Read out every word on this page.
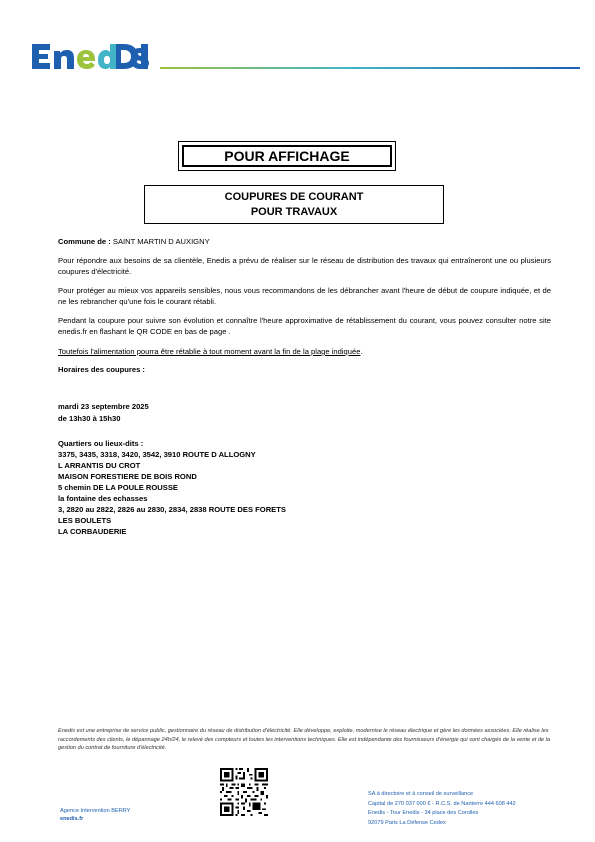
POUR AFFICHAGE
COUPURES DE COURANT
POUR TRAVAUX
Commune de : SAINT MARTIN D AUXIGNY
Pour répondre aux besoins de sa clientèle, Enedis a prévu de réaliser sur le réseau de distribution des travaux qui entraîneront une ou plusieurs coupures d'électricité.
Pour protéger au mieux vos appareils sensibles, nous vous recommandons de les débrancher avant l'heure de début de coupure indiquée, et de ne les rebrancher qu'une fois le courant rétabli.
Pendant la coupure pour suivre son évolution et connaître l'heure approximative de rétablissement du courant, vous pouvez consulter notre site enedis.fr en flashant le QR CODE en bas de page .
Toutefois l'alimentation pourra être rétablie à tout moment avant la fin de la plage indiquée.
Horaires des coupures :
mardi 23 septembre 2025
de 13h30 à 15h30
Quartiers ou lieux-dits :
3375, 3435, 3318, 3420, 3542, 3910 ROUTE D ALLOGNY
L ARRANTIS DU CROT
MAISON FORESTIERE DE BOIS ROND
5 chemin DE LA POULE ROUSSE
la fontaine des echasses
3, 2820 au 2822, 2826 au 2830, 2834, 2838 ROUTE DES FORETS
LES BOULETS
LA CORBAUDERIE
Enedis est une entreprise de service public, gestionnaire du réseau de distribution d'électricité. Elle développe, exploite, modernise le réseau électrique et gère les données associées. Elle réalise les raccordements des clients, le dépannage 24h/24, le relevé des compteurs et toutes les interventions techniques. Elle est indépendante des fournisseurs d'énergie qui sont chargés de la vente et de la gestion du contrat de fourniture d'électricité.
Agence Intervention BERRY
enedis.fr
SA à directoire et à conseil de surveillance
Capital de 270 037 000 € - R.C.S. de Nanterre 444 608 442
Enedis - Tour Enedis - 34 place des Corolles
92079 Paris La Défense Cedex
